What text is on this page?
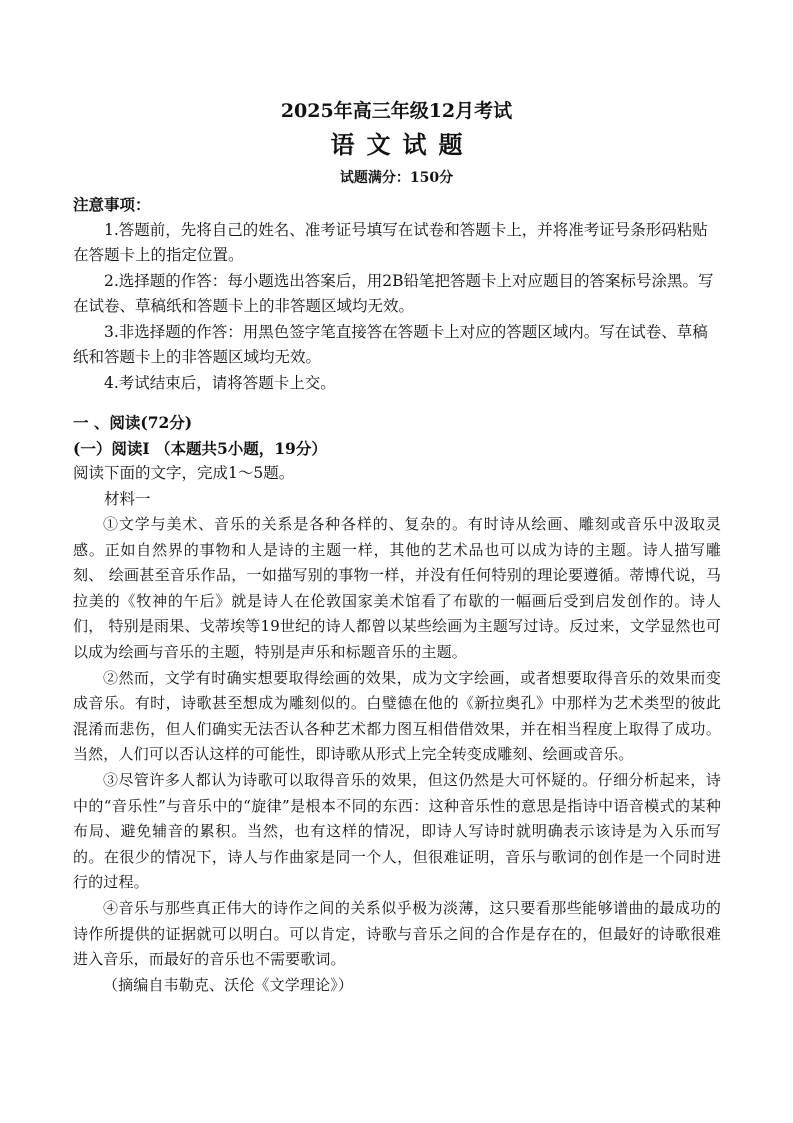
2025年高三年级12月考试
语文试题
试题满分：150分

注意事项：

1.答题前，先将自己的姓名、准考证号填写在试卷和答题卡上，并将准考证号条形码粘贴在答题卡上的指定位置。

2.选择题的作答：每小题选出答案后，用2B铅笔把答题卡上对应题目的答案标号涂黑。写在试卷、草稿纸和答题卡上的非答题区域均无效。

3.非选择题的作答：用黑色签字笔直接答在答题卡上对应的答题区域内。写在试卷、草稿纸和答题卡上的非答题区域均无效。

4.考试结束后，请将答题卡上交。

一 、阅读(72分)

(一）阅读I （本题共5小题，19分）

阅读下面的文字，完成1～5题。

材料一

①文学与美术、音乐的关系是各种各样的、复杂的。有时诗从绘画、雕刻或音乐中汲取灵感。正如自然界的事物和人是诗的主题一样，其他的艺术品也可以成为诗的主题。诗人描写雕刻、 绘画甚至音乐作品，一如描写别的事物一样，并没有任何特别的理论要遵循。蒂博代说，马拉美的《牧神的午后》就是诗人在伦敦国家美术馆看了布歇的一幅画后受到启发创作的。诗人们， 特别是雨果、戈蒂埃等19世纪的诗人都曾以某些绘画为主题写过诗。反过来，文学显然也可以成为绘画与音乐的主题，特别是声乐和标题音乐的主题。

②然而，文学有时确实想要取得绘画的效果，成为文字绘画，或者想要取得音乐的效果而变成音乐。有时，诗歌甚至想成为雕刻似的。白璧德在他的《新拉奥孔》中那样为艺术类型的彼此混淆而悲伤，但人们确实无法否认各种艺术都力图互相借借效果，并在相当程度上取得了成功。当然，人们可以否认这样的可能性，即诗歌从形式上完全转变成雕刻、绘画或音乐。

③尽管许多人都认为诗歌可以取得音乐的效果，但这仍然是大可怀疑的。仔细分析起来，诗中的“音乐性”与音乐中的“旋律”是根本不同的东西：这种音乐性的意思是指诗中语音模式的某种布局、避免辅音的累积。当然，也有这样的情况，即诗人写诗时就明确表示该诗是为入乐而写的。在很少的情况下，诗人与作曲家是同一个人，但很难证明，音乐与歌词的创作是一个同时进行的过程。

④音乐与那些真正伟大的诗作之间的关系似乎极为淡薄，这只要看那些能够谱曲的最成功的诗作所提供的证据就可以明白。可以肯定，诗歌与音乐之间的合作是存在的，但最好的诗歌很难进入音乐，而最好的音乐也不需要歌词。

（摘编自韦勒克、沃伦《文学理论》）
